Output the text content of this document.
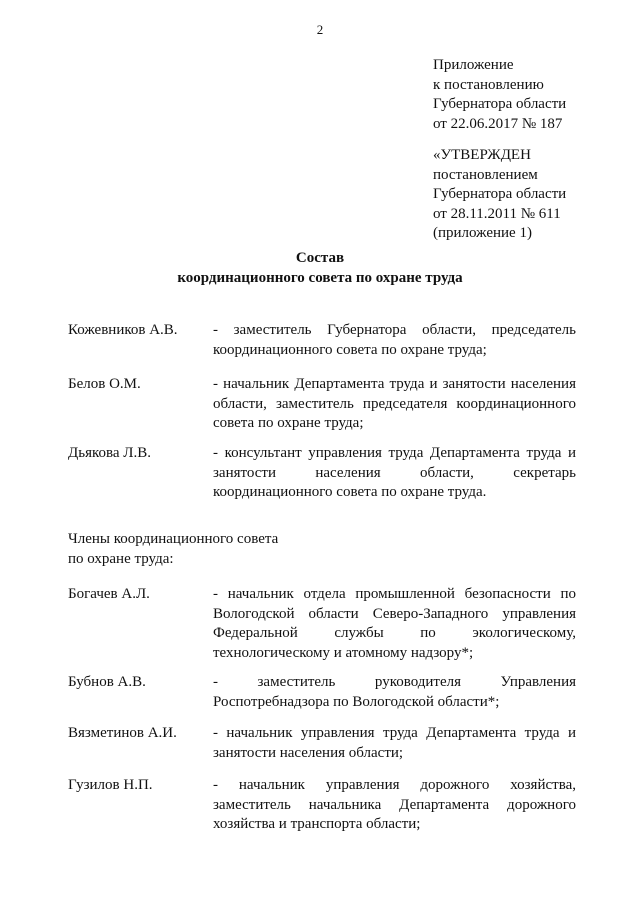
2
Приложение
к постановлению
Губернатора области
от 22.06.2017 № 187
«УТВЕРЖДЕН
постановлением
Губернатора области
от 28.11.2011 № 611
(приложение 1)
Состав
координационного совета по охране труда
Кожевников А.В. - заместитель Губернатора области, председатель
координационного совета по охране труда;
Белов О.М.	- начальник Департамента труда и занятости населения
области, заместитель председателя координационного
совета по охране труда;
Дьякова Л.В.	- консультант управления труда Департамента труда и
занятости населения области, секретарь
координационного совета по охране труда.
Члены координационного совета
по охране труда:
Богачев А.Л.	- начальник отдела промышленной безопасности по
Вологодской области Северо-Западного управления
Федеральной службы по экологическому,
технологическому и атомному надзору*;
Бубнов А.В.	- заместитель руководителя Управления
Роспотребнадзора по Вологодской области*;
Вязметинов А.И. - начальник управления труда Департамента труда и
занятости населения области;
Гузилов Н.П.	- начальник управления дорожного хозяйства,
заместитель начальника Департамента дорожного
хозяйства и транспорта области;
